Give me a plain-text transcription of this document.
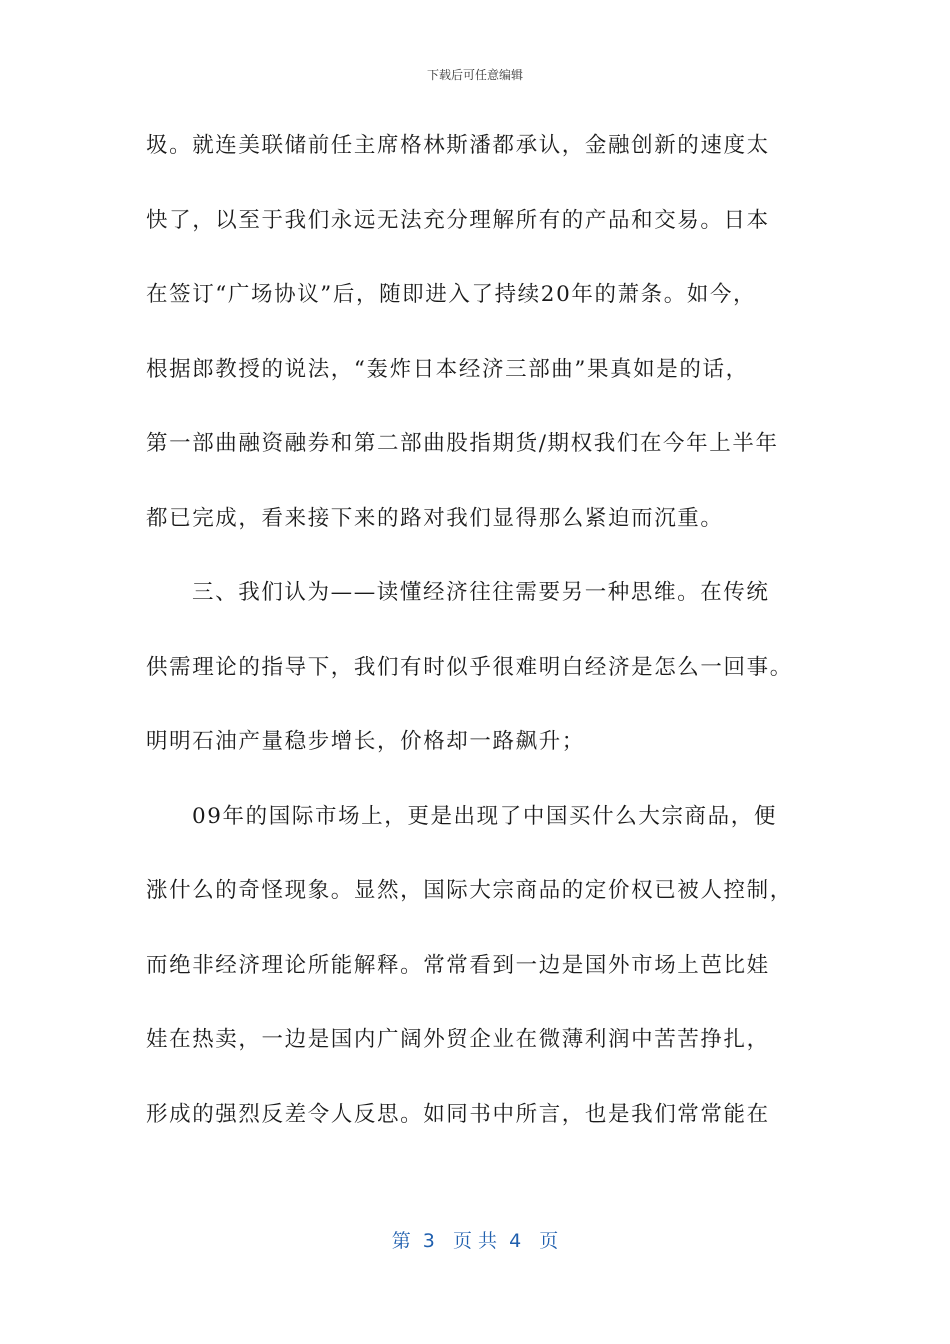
下载后可任意编辑
圾。就连美联储前任主席格林斯潘都承认，金融创新的速度太
快了，以至于我们永远无法充分理解所有的产品和交易。日本
在签订“广场协议”后，随即进入了持续20年的萧条。如今，
根据郎教授的说法，“轰炸日本经济三部曲”果真如是的话，
第一部曲融资融券和第二部曲股指期货/期权我们在今年上半年
都已完成，看来接下来的路对我们显得那么紧迫而沉重。
三、我们认为——读懂经济往往需要另一种思维。在传统
供需理论的指导下，我们有时似乎很难明白经济是怎么一回事。
明明石油产量稳步增长，价格却一路飙升；
09年的国际市场上，更是出现了中国买什么大宗商品，便
涨什么的奇怪现象。显然，国际大宗商品的定价权已被人控制，
而绝非经济理论所能解释。常常看到一边是国外市场上芭比娃
娃在热卖，一边是国内广阔外贸企业在微薄利润中苦苦挣扎，
形成的强烈反差令人反思。如同书中所言，也是我们常常能在
第  3   页 共  4   页
